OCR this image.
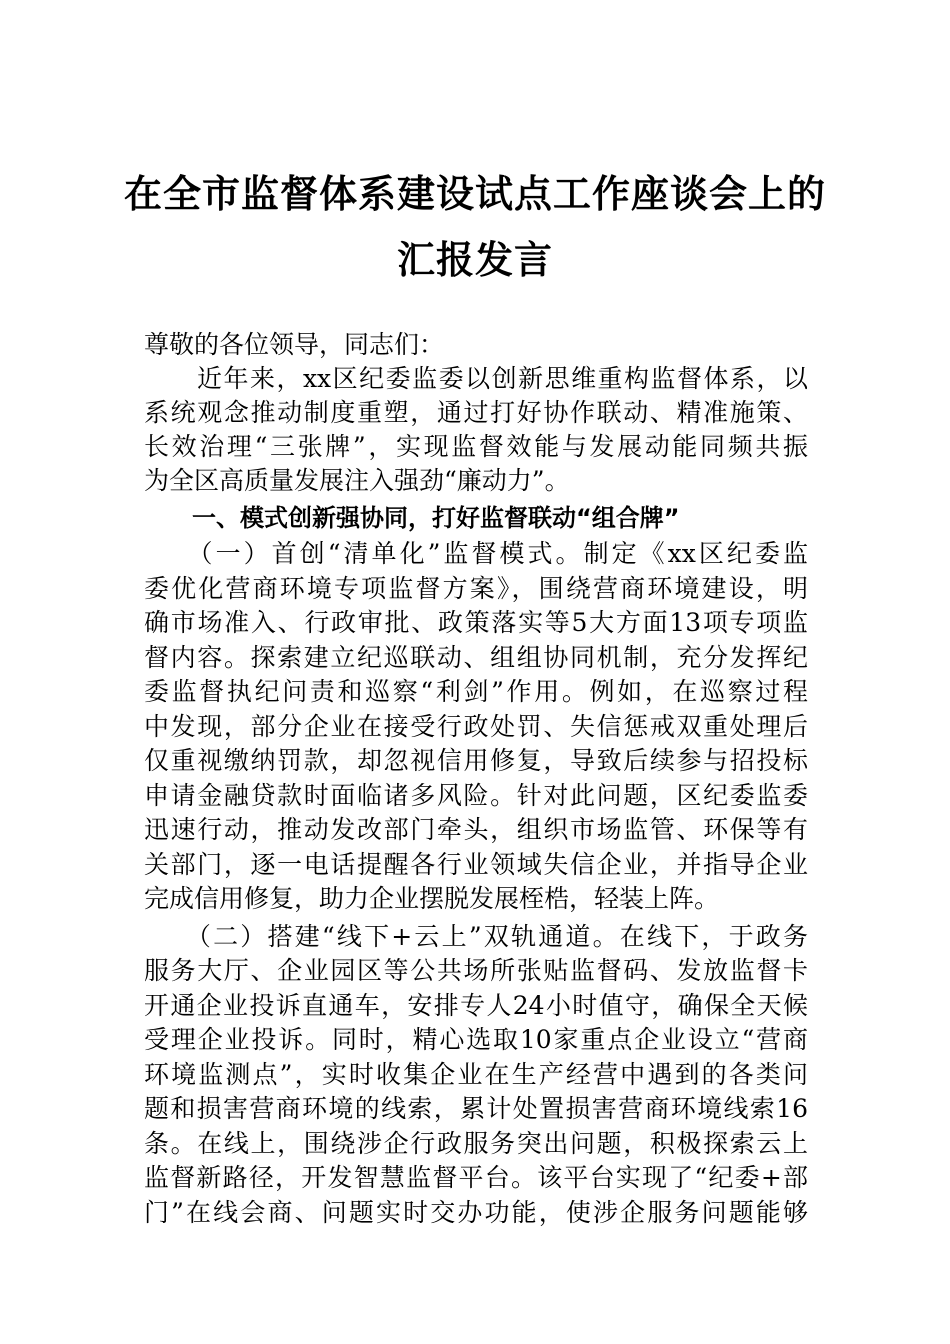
在全市监督体系建设试点工作座谈会上的
汇报发言
尊敬的各位领导，同志们：
　　近年来，xx区纪委监委以创新思维重构监督体系，以
系统观念推动制度重塑，通过打好协作联动、精准施策、
长效治理“三张牌”，实现监督效能与发展动能同频共振
为全区高质量发展注入强劲“廉动力”。
　　一、模式创新强协同，打好监督联动“组合牌”
　　（一）首创“清单化”监督模式。制定《xx区纪委监
委优化营商环境专项监督方案》，围绕营商环境建设，明
确市场准入、行政审批、政策落实等5大方面13项专项监
督内容。探索建立纪巡联动、组组协同机制，充分发挥纪
委监督执纪问责和巡察“利剑”作用。例如，在巡察过程
中发现，部分企业在接受行政处罚、失信惩戒双重处理后
仅重视缴纳罚款，却忽视信用修复，导致后续参与招投标
申请金融贷款时面临诸多风险。针对此问题，区纪委监委
迅速行动，推动发改部门牵头，组织市场监管、环保等有
关部门，逐一电话提醒各行业领域失信企业，并指导企业
完成信用修复，助力企业摆脱发展桎梏，轻装上阵。
　　（二）搭建“线下+云上”双轨通道。在线下，于政务
服务大厅、企业园区等公共场所张贴监督码、发放监督卡
开通企业投诉直通车，安排专人24小时值守，确保全天候
受理企业投诉。同时，精心选取10家重点企业设立“营商
环境监测点”，实时收集企业在生产经营中遇到的各类问
题和损害营商环境的线索，累计处置损害营商环境线索16
条。在线上，围绕涉企行政服务突出问题，积极探索云上
监督新路径，开发智慧监督平台。该平台实现了“纪委+部
门”在线会商、问题实时交办功能，使涉企服务问题能够
